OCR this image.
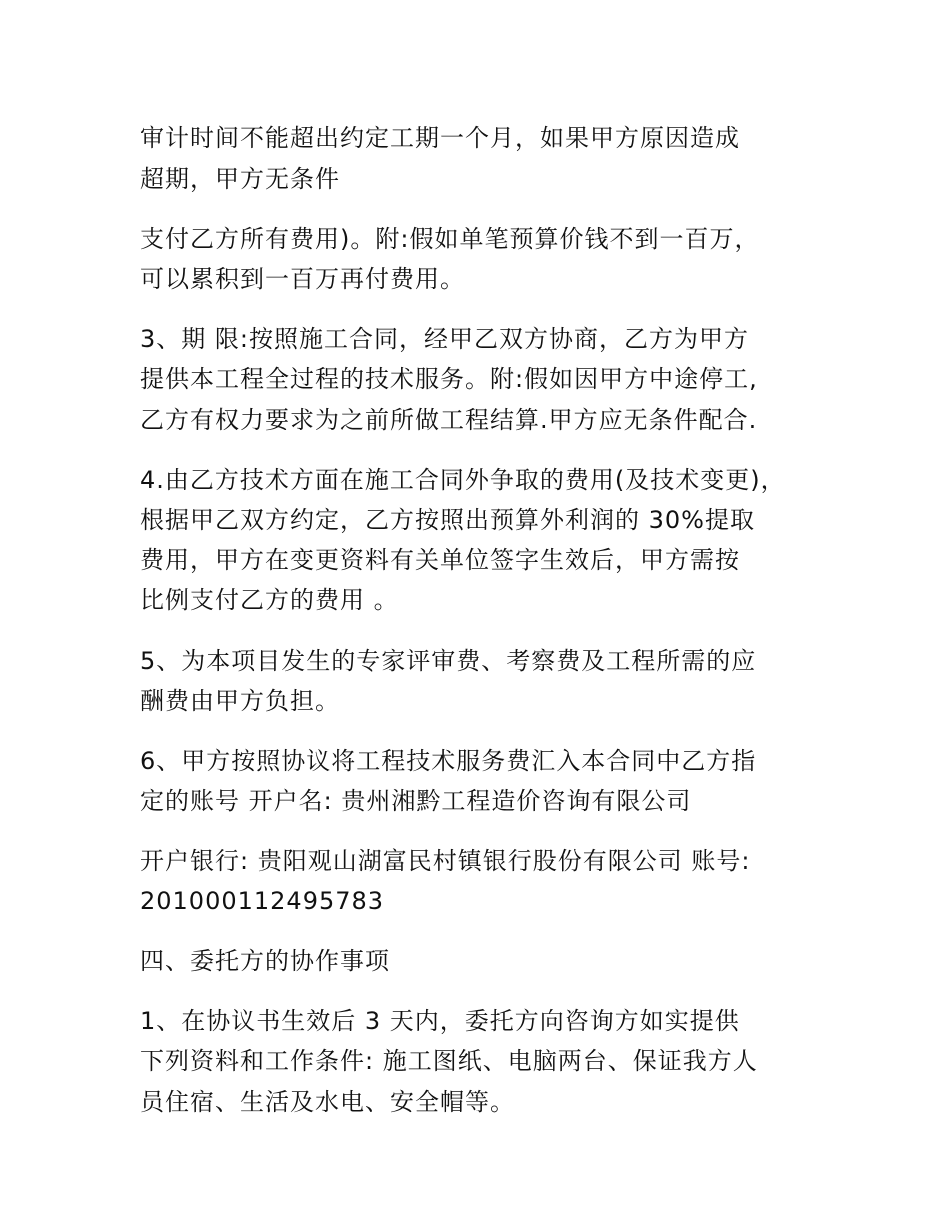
审计时间不能超出约定工期一个月，如果甲方原因造成
超期，甲方无条件
支付乙方所有费用)。附:假如单笔预算价钱不到一百万，
可以累积到一百万再付费用。
3、期 限:按照施工合同，经甲乙双方协商，乙方为甲方
提供本工程全过程的技术服务。附:假如因甲方中途停工,
乙方有权力要求为之前所做工程结算.甲方应无条件配合.
4.由乙方技术方面在施工合同外争取的费用(及技术变更)，
根据甲乙双方约定，乙方按照出预算外利润的 30%提取
费用，甲方在变更资料有关单位签字生效后，甲方需按
比例支付乙方的费用 。
5、为本项目发生的专家评审费、考察费及工程所需的应
酬费由甲方负担。
6、甲方按照协议将工程技术服务费汇入本合同中乙方指
定的账号 开户名: 贵州湘黔工程造价咨询有限公司
开户银行: 贵阳观山湖富民村镇银行股份有限公司 账号:
201000112495783
四、委托方的协作事项
1、在协议书生效后 3 天内，委托方向咨询方如实提供
下列资料和工作条件: 施工图纸、电脑两台、保证我方人
员住宿、生活及水电、安全帽等。
